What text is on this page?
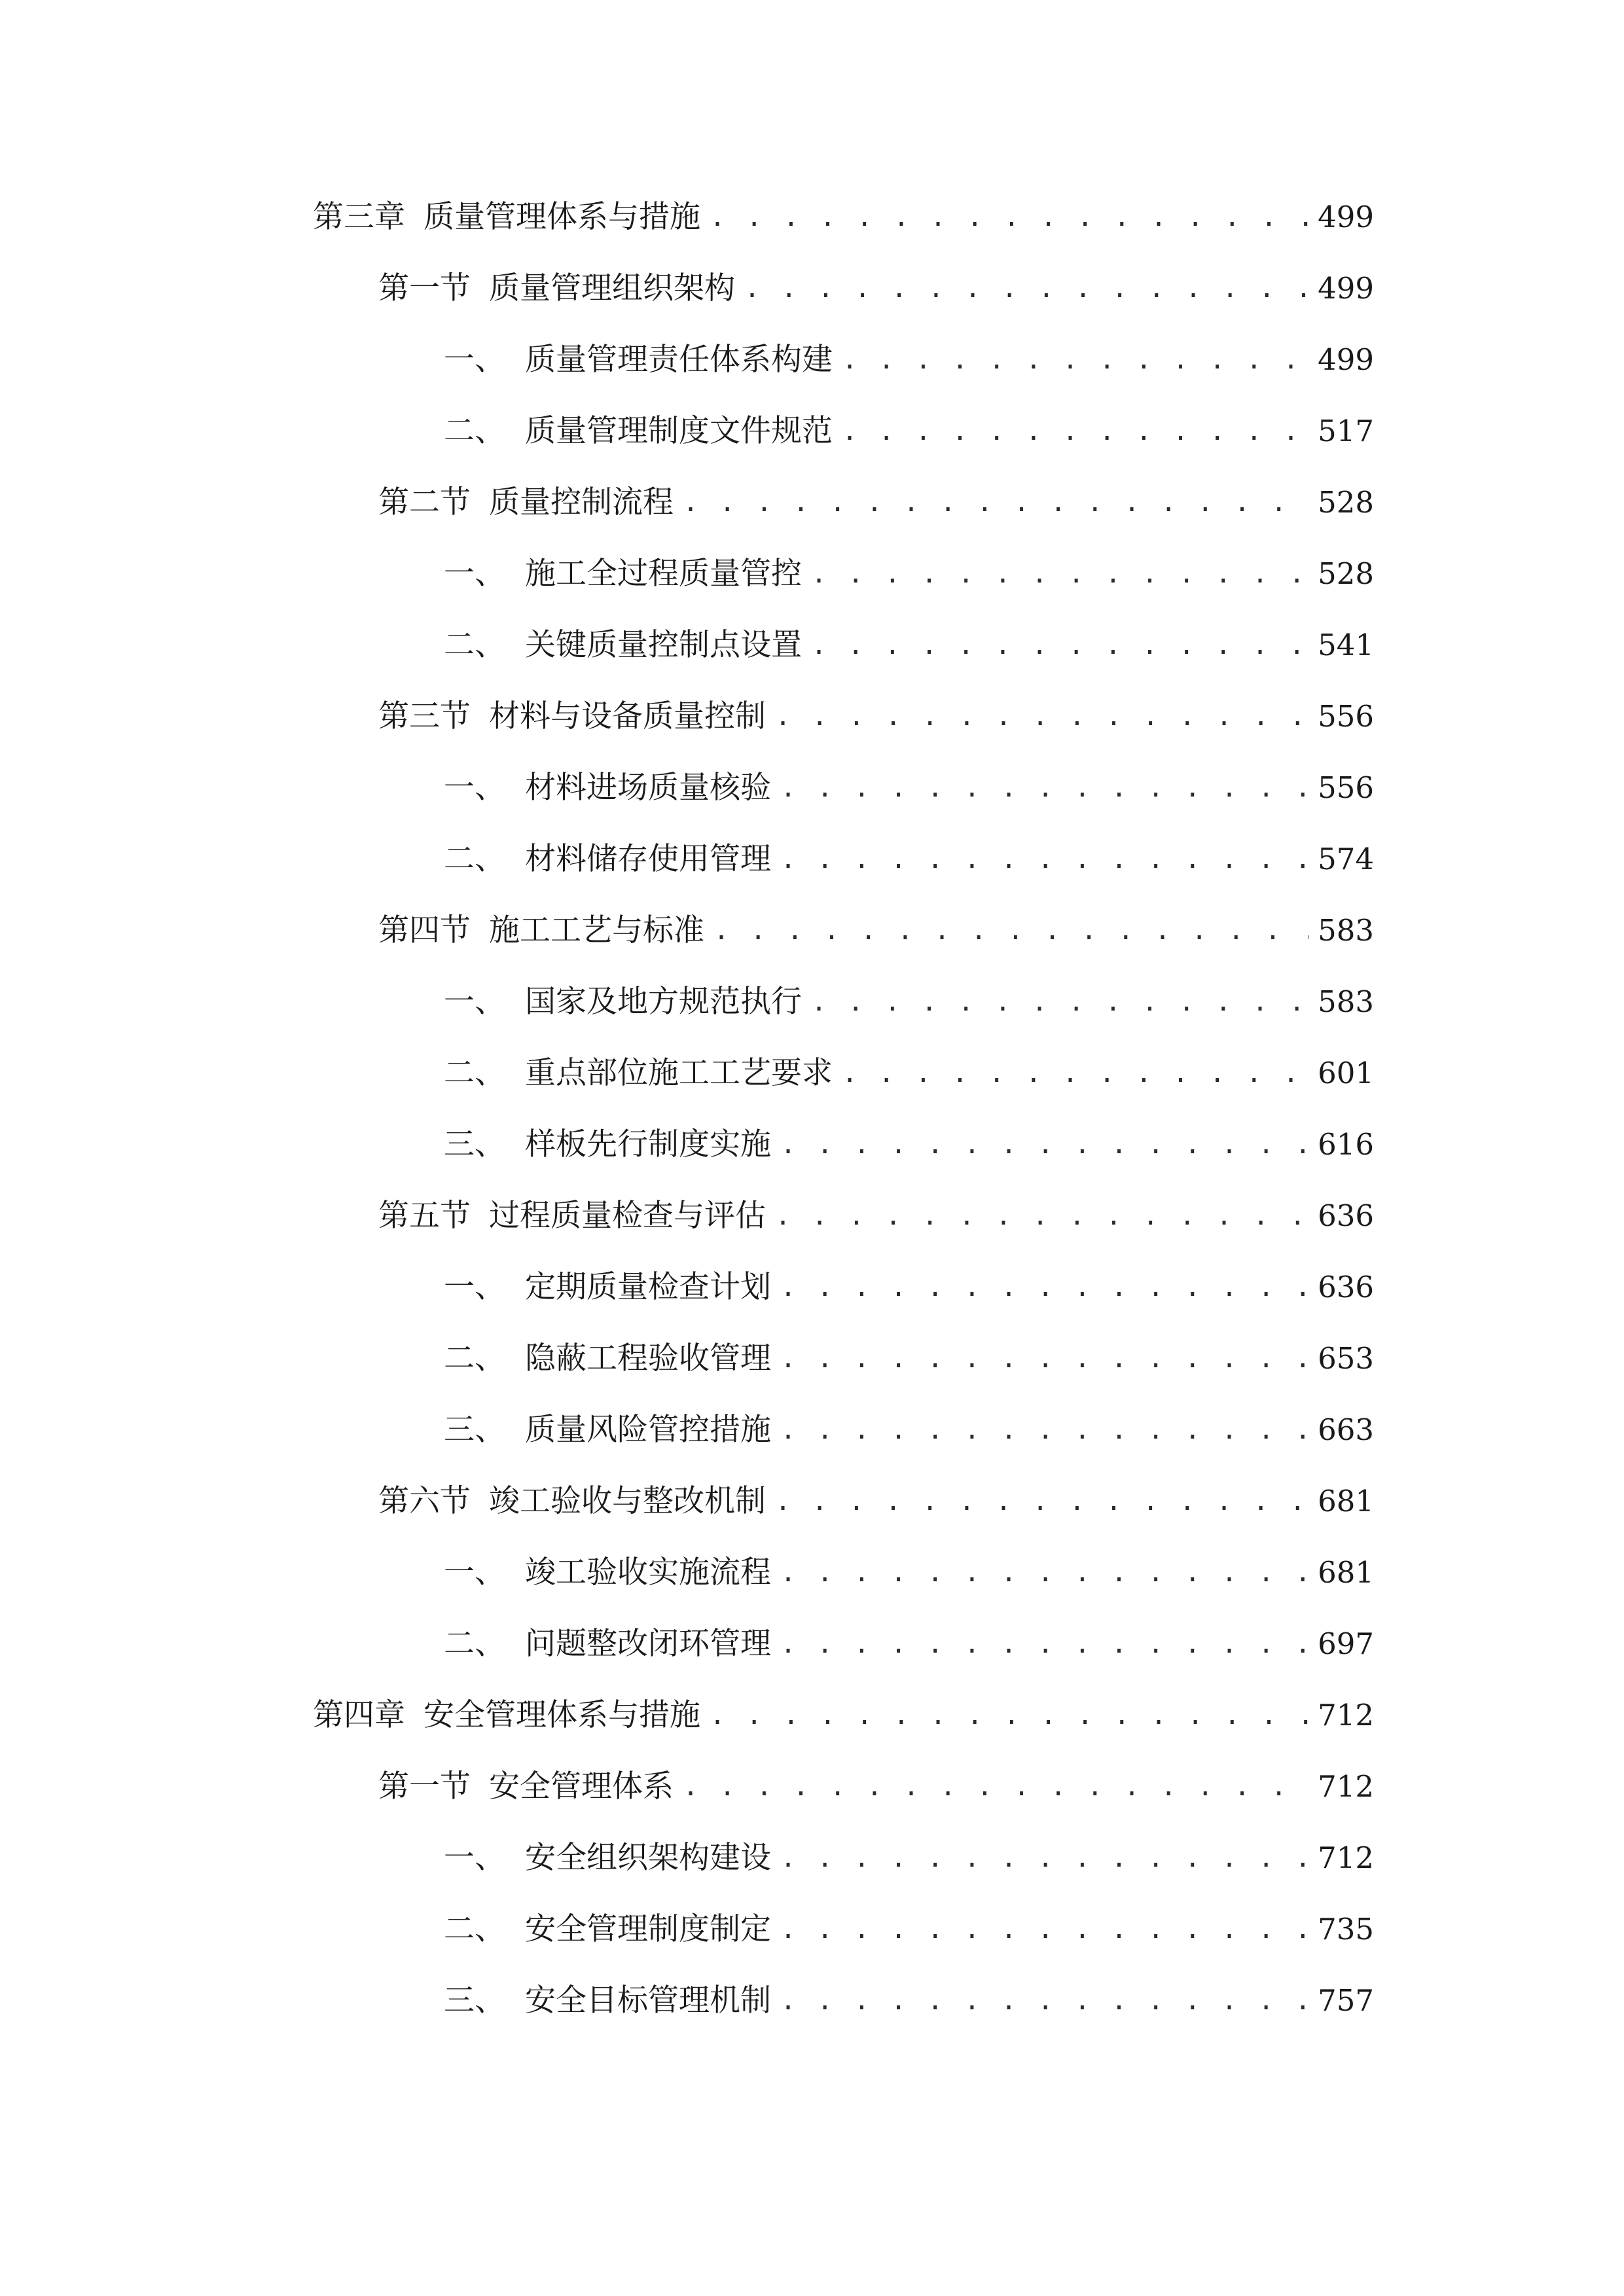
第三章 质量管理体系与措施 . . .	499
第一节 质量管理组织架构 . . .	499
一、 质量管理责任体系构建 . . .	499
二、 质量管理制度文件规范 . . .	517
第二节 质量控制流程 . . .	528
一、 施工全过程质量管控 . . .	528
二、 关键质量控制点设置 . . .	541
第三节 材料与设备质量控制 . . .	556
一、 材料进场质量核验 . . .	556
二、 材料储存使用管理 . . .	574
第四节 施工工艺与标准 . . .	583
一、 国家及地方规范执行 . . .	583
二、 重点部位施工工艺要求 . . .	601
三、 样板先行制度实施 . . .	616
第五节 过程质量检查与评估 . . .	636
一、 定期质量检查计划 . . .	636
二、 隐蔽工程验收管理 . . .	653
三、 质量风险管控措施 . . .	663
第六节 竣工验收与整改机制 . . .	681
一、 竣工验收实施流程 . . .	681
二、 问题整改闭环管理 . . .	697
第四章 安全管理体系与措施 . . .	712
第一节 安全管理体系 . . .	712
一、 安全组织架构建设 . . .	712
二、 安全管理制度制定 . . .	735
三、 安全目标管理机制 . . .	757
